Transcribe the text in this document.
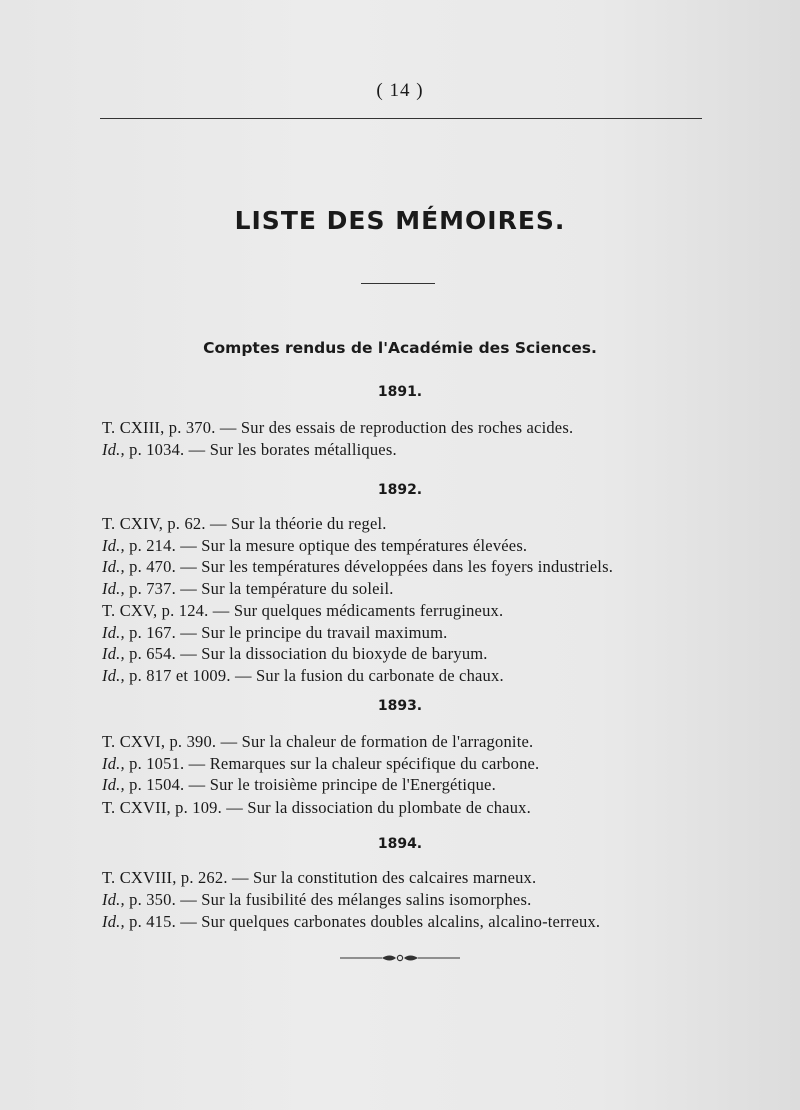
( 14 )
LISTE DES MÉMOIRES.
Comptes rendus de l'Académie des Sciences.
1891.
T. CXIII, p. 370. — Sur des essais de reproduction des roches acides.
Id., p. 1034. — Sur les borates métalliques.
1892.
T. CXIV, p. 62. — Sur la théorie du regel.
Id., p. 214. — Sur la mesure optique des températures élevées.
Id., p. 470. — Sur les températures développées dans les foyers industriels.
Id., p. 737. — Sur la température du soleil.
T. CXV, p. 124. — Sur quelques médicaments ferrugineux.
Id., p. 167. — Sur le principe du travail maximum.
Id., p. 654. — Sur la dissociation du bioxyde de baryum.
Id., p. 817 et 1009. — Sur la fusion du carbonate de chaux.
1893.
T. CXVI, p. 390. — Sur la chaleur de formation de l'arragonite.
Id., p. 1051. — Remarques sur la chaleur spécifique du carbone.
Id., p. 1504. — Sur le troisième principe de l'Energétique.
T. CXVII, p. 109. — Sur la dissociation du plombate de chaux.
1894.
T. CXVIII, p. 262. — Sur la constitution des calcaires marneux.
Id., p. 350. — Sur la fusibilité des mélanges salins isomorphes.
Id., p. 415. — Sur quelques carbonates doubles alcalins, alcalino-terreux.
